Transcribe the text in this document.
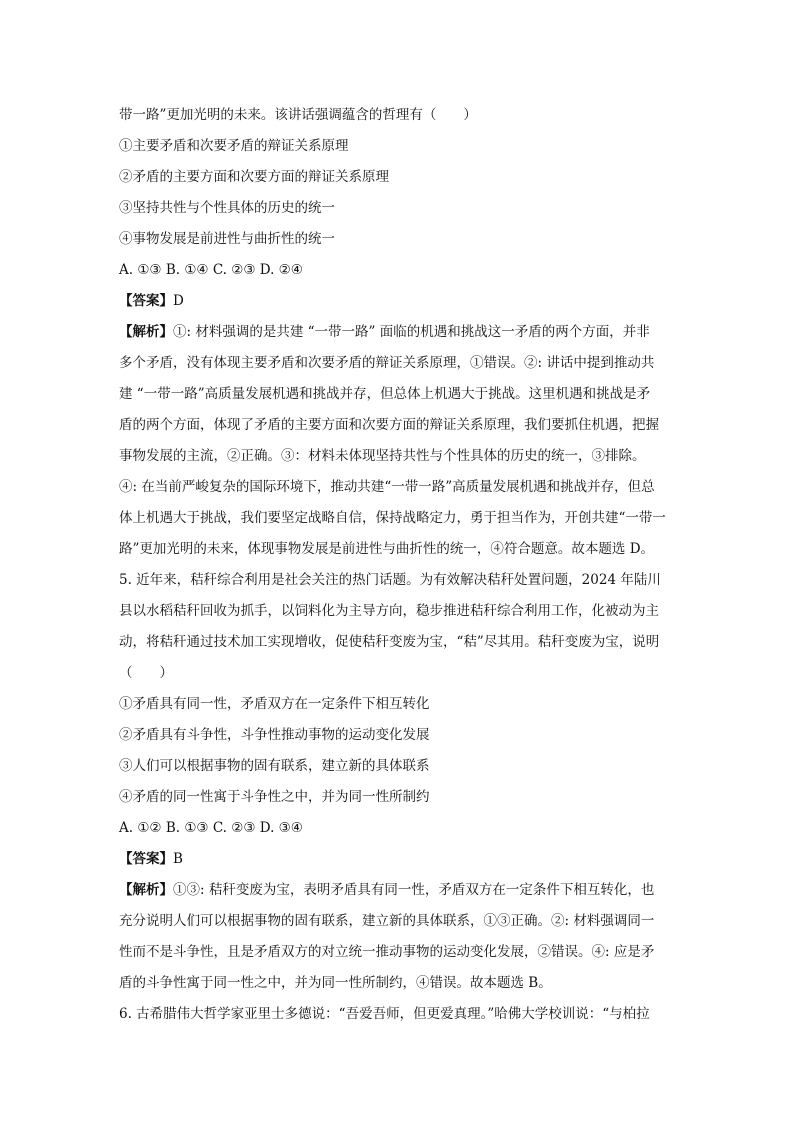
带一路”更加光明的未来。该讲话强调蕴含的哲理有（　　）
①主要矛盾和次要矛盾的辩证关系原理
②矛盾的主要方面和次要方面的辩证关系原理
③坚持共性与个性具体的历史的统一
④事物发展是前进性与曲折性的统一
A. ①③ B. ①④ C. ②③ D. ②④
【答案】D
【解析】①: 材料强调的是共建 “一带一路” 面临的机遇和挑战这一矛盾的两个方面，并非
多个矛盾，没有体现主要矛盾和次要矛盾的辩证关系原理，①错误。②: 讲话中提到推动共
建 “一带一路”高质量发展机遇和挑战并存，但总体上机遇大于挑战。这里机遇和挑战是矛
盾的两个方面，体现了矛盾的主要方面和次要方面的辩证关系原理，我们要抓住机遇，把握
事物发展的主流，②正确。③：材料未体现坚持共性与个性具体的历史的统一，③排除。
④: 在当前严峻复杂的国际环境下，推动共建“一带一路”高质量发展机遇和挑战并存，但总
体上机遇大于挑战，我们要坚定战略自信，保持战略定力，勇于担当作为，开创共建“一带一
路”更加光明的未来，体现事物发展是前进性与曲折性的统一，④符合题意。故本题选 D。
5. 近年来，秸秆综合利用是社会关注的热门话题。为有效解决秸秆处置问题，2024 年陆川
县以水稻秸秆回收为抓手，以饲料化为主导方向，稳步推进秸秆综合利用工作，化被动为主
动，将秸秆通过技术加工实现增收，促使秸秆变废为宝，“秸”尽其用。秸秆变废为宝，说明
（　　）
①矛盾具有同一性，矛盾双方在一定条件下相互转化
②矛盾具有斗争性，斗争性推动事物的运动变化发展
③人们可以根据事物的固有联系，建立新的具体联系
④矛盾的同一性寓于斗争性之中，并为同一性所制约
A. ①② B. ①③ C. ②③ D. ③④
【答案】B
【解析】①③: 秸秆变废为宝，表明矛盾具有同一性，矛盾双方在一定条件下相互转化，也
充分说明人们可以根据事物的固有联系，建立新的具体联系，①③正确。②: 材料强调同一
性而不是斗争性，且是矛盾双方的对立统一推动事物的运动变化发展，②错误。④: 应是矛
盾的斗争性寓于同一性之中，并为同一性所制约，④错误。故本题选 B。
6. 古希腊伟大哲学家亚里士多德说：“吾爱吾师，但更爱真理。”哈佛大学校训说：“与柏拉
